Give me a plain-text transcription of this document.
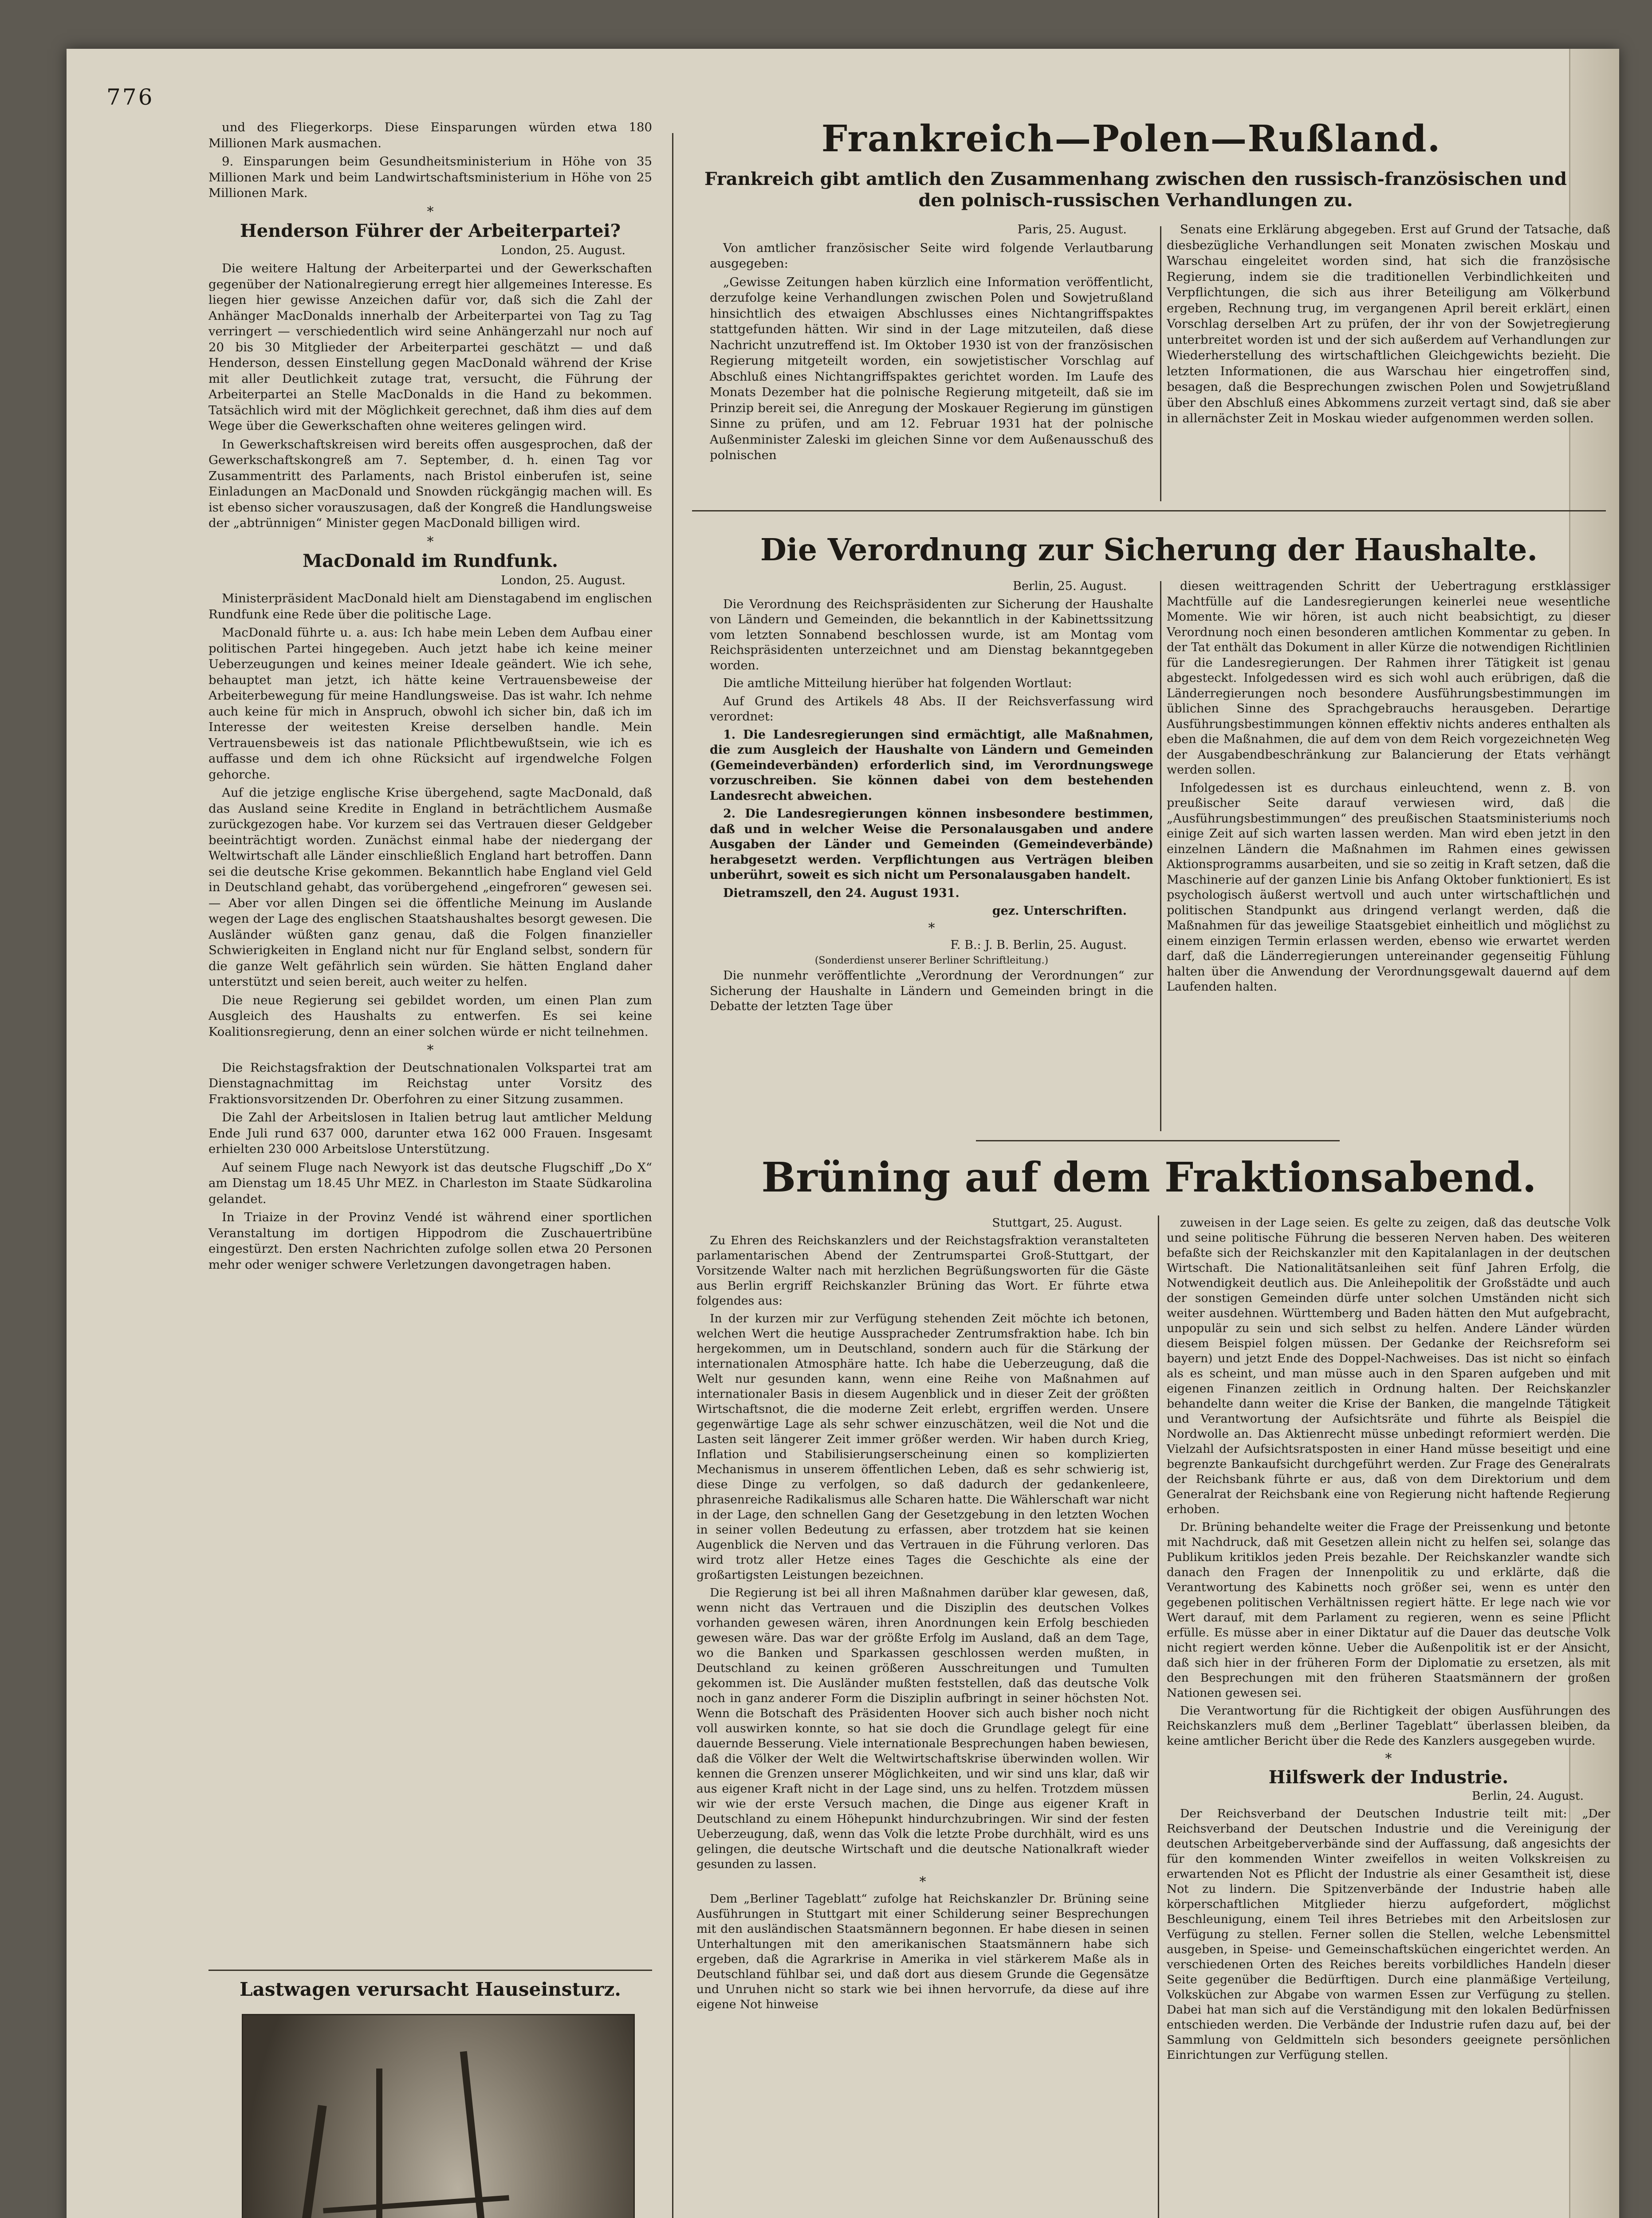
776

und des Fliegerkorps. Diese Einsparungen würden etwa 180 Millionen Mark ausmachen.

9. Einsparungen beim Gesundheitsministerium in Höhe von 35 Millionen Mark und beim Landwirtschaftsministerium in Höhe von 25 Millionen Mark.

*
Henderson Führer der Arbeiterpartei?
London, 25. August.

Die weitere Haltung der Arbeiterpartei und der Gewerkschaften gegenüber der Nationalregierung erregt hier allgemeines Interesse. Es liegen hier gewisse Anzeichen dafür vor, daß sich die Zahl der Anhänger MacDonalds innerhalb der Arbeiterpartei von Tag zu Tag verringert — verschiedentlich wird seine Anhängerzahl nur noch auf 20 bis 30 Mitglieder der Arbeiterpartei geschätzt — und daß Henderson, dessen Einstellung gegen MacDonald während der Krise mit aller Deutlichkeit zutage trat, versucht, die Führung der Arbeiterpartei an Stelle MacDonalds in die Hand zu bekommen. Tatsächlich wird mit der Möglichkeit gerechnet, daß ihm dies auf dem Wege über die Gewerkschaften ohne weiteres gelingen wird.

In Gewerkschaftskreisen wird bereits offen ausgesprochen, daß der Gewerkschaftskongreß am 7. September, d. h. einen Tag vor Zusammentritt des Parlaments, nach Bristol einberufen ist, seine Einladungen an MacDonald und Snowden rückgängig machen will. Es ist ebenso sicher vorauszusagen, daß der Kongreß die Handlungsweise der „abtrünnigen“ Minister gegen MacDonald billigen wird.

*
MacDonald im Rundfunk.
London, 25. August.

Ministerpräsident MacDonald hielt am Dienstagabend im englischen Rundfunk eine Rede über die politische Lage.

MacDonald führte u. a. aus: Ich habe mein Leben dem Aufbau einer politischen Partei hingegeben. Auch jetzt habe ich keine meiner Ueberzeugungen und keines meiner Ideale geändert. Wie ich sehe, behauptet man jetzt, ich hätte keine Vertrauensbeweise der Arbeiterbewegung für meine Handlungsweise. Das ist wahr. Ich nehme auch keine für mich in Anspruch, obwohl ich sicher bin, daß ich im Interesse der weitesten Kreise derselben handle. Mein Vertrauensbeweis ist das nationale Pflichtbewußtsein, wie ich es auffasse und dem ich ohne Rücksicht auf irgendwelche Folgen gehorche.

Auf die jetzige englische Krise übergehend, sagte MacDonald, daß das Ausland seine Kredite in England in beträchtlichem Ausmaße zurückgezogen habe. Vor kurzem sei das Vertrauen dieser Geldgeber beeinträchtigt worden. Zunächst einmal habe der niedergang der Weltwirtschaft alle Länder einschließlich England hart betroffen. Dann sei die deutsche Krise gekommen. Bekanntlich habe England viel Geld in Deutschland gehabt, das vorübergehend „eingefroren“ gewesen sei. — Aber vor allen Dingen sei die öffentliche Meinung im Auslande wegen der Lage des englischen Staatshaushaltes besorgt gewesen. Die Ausländer wüßten ganz genau, daß die Folgen finanzieller Schwierigkeiten in England nicht nur für England selbst, sondern für die ganze Welt gefährlich sein würden. Sie hätten England daher unterstützt und seien bereit, auch weiter zu helfen.

Die neue Regierung sei gebildet worden, um einen Plan zum Ausgleich des Haushalts zu entwerfen. Es sei keine Koalitionsregierung, denn an einer solchen würde er nicht teilnehmen.

*

Die Reichstagsfraktion der Deutschnationalen Volkspartei trat am Dienstagnachmittag im Reichstag unter Vorsitz des Fraktionsvorsitzenden Dr. Oberfohren zu einer Sitzung zusammen.

Die Zahl der Arbeitslosen in Italien betrug laut amtlicher Meldung Ende Juli rund 637 000, darunter etwa 162 000 Frauen. Insgesamt erhielten 230 000 Arbeitslose Unterstützung.

Auf seinem Fluge nach Newyork ist das deutsche Flugschiff „Do X“ am Dienstag um 18.45 Uhr MEZ. in Charleston im Staate Südkarolina gelandet.

In Triaize in der Provinz Vendé ist während einer sportlichen Veranstaltung im dortigen Hippodrom die Zuschauertribüne eingestürzt. Den ersten Nachrichten zufolge sollen etwa 20 Personen mehr oder weniger schwere Verletzungen davongetragen haben.

Lastwagen verursacht Hauseinsturz.
Frankreich—Polen—Rußland.
Frankreich gibt amtlich den Zusammenhang zwischen den russisch-französischen und den polnisch-russischen Verhandlungen zu.
Paris, 25. August.

Von amtlicher französischer Seite wird folgende Verlautbarung ausgegeben:

„Gewisse Zeitungen haben kürzlich eine Information veröffentlicht, derzufolge keine Verhandlungen zwischen Polen und Sowjetrußland hinsichtlich des etwaigen Abschlusses eines Nichtangriffspaktes stattgefunden hätten. Wir sind in der Lage mitzuteilen, daß diese Nachricht unzutreffend ist. Im Oktober 1930 ist von der französischen Regierung mitgeteilt worden, ein sowjetistischer Vorschlag auf Abschluß eines Nichtangriffspaktes gerichtet worden. Im Laufe des Monats Dezember hat die polnische Regierung mitgeteilt, daß sie im Prinzip bereit sei, die Anregung der Moskauer Regierung im günstigen Sinne zu prüfen, und am 12. Februar 1931 hat der polnische Außenminister Zaleski im gleichen Sinne vor dem Außenausschuß des polnischen

Senats eine Erklärung abgegeben. Erst auf Grund der Tatsache, daß diesbezügliche Verhandlungen seit Monaten zwischen Moskau und Warschau eingeleitet worden sind, hat sich die französische Regierung, indem sie die traditionellen Verbindlichkeiten und Verpflichtungen, die sich aus ihrer Beteiligung am Völkerbund ergeben, Rechnung trug, im vergangenen April bereit erklärt, einen Vorschlag derselben Art zu prüfen, der ihr von der Sowjetregierung unterbreitet worden ist und der sich außerdem auf Verhandlungen zur Wiederherstellung des wirtschaftlichen Gleichgewichts bezieht. Die letzten Informationen, die aus Warschau hier eingetroffen sind, besagen, daß die Besprechungen zwischen Polen und Sowjetrußland über den Abschluß eines Abkommens zurzeit vertagt sind, daß sie aber in allernächster Zeit in Moskau wieder aufgenommen werden sollen.

Die Verordnung zur Sicherung der Haushalte.
Berlin, 25. August.

Die Verordnung des Reichspräsidenten zur Sicherung der Haushalte von Ländern und Gemeinden, die bekanntlich in der Kabinettssitzung vom letzten Sonnabend beschlossen wurde, ist am Montag vom Reichspräsidenten unterzeichnet und am Dienstag bekanntgegeben worden.

Die amtliche Mitteilung hierüber hat folgenden Wortlaut:

Auf Grund des Artikels 48 Abs. II der Reichsverfassung wird verordnet:

1. Die Landesregierungen sind ermächtigt, alle Maßnahmen, die zum Ausgleich der Haushalte von Ländern und Gemeinden (Gemeindeverbänden) erforderlich sind, im Verordnungswege vorzuschreiben. Sie können dabei von dem bestehenden Landesrecht abweichen.

2. Die Landesregierungen können insbesondere bestimmen, daß und in welcher Weise die Personalausgaben und andere Ausgaben der Länder und Gemeinden (Gemeindeverbände) herabgesetzt werden. Verpflichtungen aus Verträgen bleiben unberührt, soweit es sich nicht um Personalausgaben handelt.

Dietramszell, den 24. August 1931.

gez. Unterschriften.
*
F. B.: J. B. Berlin, 25. August.
(Sonderdienst unserer Berliner Schriftleitung.)

Die nunmehr veröffentlichte „Verordnung der Verordnungen“ zur Sicherung der Haushalte in Ländern und Gemeinden bringt in die Debatte der letzten Tage über

diesen weittragenden Schritt der Uebertragung erstklassiger Machtfülle auf die Landesregierungen keinerlei neue wesentliche Momente. Wie wir hören, ist auch nicht beabsichtigt, zu dieser Verordnung noch einen besonderen amtlichen Kommentar zu geben. In der Tat enthält das Dokument in aller Kürze die notwendigen Richtlinien für die Landesregierungen. Der Rahmen ihrer Tätigkeit ist genau abgesteckt. Infolgedessen wird es sich wohl auch erübrigen, daß die Länderregierungen noch besondere Ausführungsbestimmungen im üblichen Sinne des Sprachgebrauchs herausgeben. Derartige Ausführungsbestimmungen können effektiv nichts anderes enthalten als eben die Maßnahmen, die auf dem von dem Reich vorgezeichneten Weg der Ausgabendbeschränkung zur Balancierung der Etats verhängt werden sollen.

Infolgedessen ist es durchaus einleuchtend, wenn z. B. von preußischer Seite darauf verwiesen wird, daß die „Ausführungsbestimmungen“ des preußischen Staatsministeriums noch einige Zeit auf sich warten lassen werden. Man wird eben jetzt in den einzelnen Ländern die Maßnahmen im Rahmen eines gewissen Aktionsprogramms ausarbeiten, und sie so zeitig in Kraft setzen, daß die Maschinerie auf der ganzen Linie bis Anfang Oktober funktioniert. Es ist psychologisch äußerst wertvoll und auch unter wirtschaftlichen und politischen Standpunkt aus dringend verlangt werden, daß die Maßnahmen für das jeweilige Staatsgebiet einheitlich und möglichst zu einem einzigen Termin erlassen werden, ebenso wie erwartet werden darf, daß die Länderregierungen untereinander gegenseitig Fühlung halten über die Anwendung der Verordnungsgewalt dauernd auf dem Laufenden halten.

Brüning auf dem Fraktionsabend.
Stuttgart, 25. August.

Zu Ehren des Reichskanzlers und der Reichstagsfraktion veranstalteten parlamentarischen Abend der Zentrumspartei Groß-Stuttgart, der Vorsitzende Walter nach mit herzlichen Begrüßungsworten für die Gäste aus Berlin ergriff Reichskanzler Brüning das Wort. Er führte etwa folgendes aus:

In der kurzen mir zur Verfügung stehenden Zeit möchte ich betonen, welchen Wert die heutige Ausspracheder Zentrumsfraktion habe. Ich bin hergekommen, um in Deutschland, sondern auch für die Stärkung der internationalen Atmosphäre hatte. Ich habe die Ueberzeugung, daß die Welt nur gesunden kann, wenn eine Reihe von Maßnahmen auf internationaler Basis in diesem Augenblick und in dieser Zeit der größten Wirtschaftsnot, die die moderne Zeit erlebt, ergriffen werden. Unsere gegenwärtige Lage als sehr schwer einzuschätzen, weil die Not und die Lasten seit längerer Zeit immer größer werden. Wir haben durch Krieg, Inflation und Stabilisierungserscheinung einen so komplizierten Mechanismus in unserem öffentlichen Leben, daß es sehr schwierig ist, diese Dinge zu verfolgen, so daß dadurch der gedankenleere, phrasenreiche Radikalismus alle Scharen hatte. Die Wählerschaft war nicht in der Lage, den schnellen Gang der Gesetzgebung in den letzten Wochen in seiner vollen Bedeutung zu erfassen, aber trotzdem hat sie keinen Augenblick die Nerven und das Vertrauen in die Führung verloren. Das wird trotz aller Hetze eines Tages die Geschichte als eine der großartigsten Leistungen bezeichnen.

Die Regierung ist bei all ihren Maßnahmen darüber klar gewesen, daß, wenn nicht das Vertrauen und die Disziplin des deutschen Volkes vorhanden gewesen wären, ihren Anordnungen kein Erfolg beschieden gewesen wäre. Das war der größte Erfolg im Ausland, daß an dem Tage, wo die Banken und Sparkassen geschlossen werden mußten, in Deutschland zu keinen größeren Ausschreitungen und Tumulten gekommen ist. Die Ausländer mußten feststellen, daß das deutsche Volk noch in ganz anderer Form die Disziplin aufbringt in seiner höchsten Not. Wenn die Botschaft des Präsidenten Hoover sich auch bisher noch nicht voll auswirken konnte, so hat sie doch die Grundlage gelegt für eine dauernde Besserung. Viele internationale Besprechungen haben bewiesen, daß die Völker der Welt die Weltwirtschaftskrise überwinden wollen. Wir kennen die Grenzen unserer Möglichkeiten, und wir sind uns klar, daß wir aus eigener Kraft nicht in der Lage sind, uns zu helfen. Trotzdem müssen wir wie der erste Versuch machen, die Dinge aus eigener Kraft in Deutschland zu einem Höhepunkt hindurchzubringen. Wir sind der festen Ueberzeugung, daß, wenn das Volk die letzte Probe durchhält, wird es uns gelingen, die deutsche Wirtschaft und die deutsche Nationalkraft wieder gesunden zu lassen.

*

Dem „Berliner Tageblatt“ zufolge hat Reichskanzler Dr. Brüning seine Ausführungen in Stuttgart mit einer Schilderung seiner Besprechungen mit den ausländischen Staatsmännern begonnen. Er habe diesen in seinen Unterhaltungen mit den amerikanischen Staatsmännern habe sich ergeben, daß die Agrarkrise in Amerika in viel stärkerem Maße als in Deutschland fühlbar sei, und daß dort aus diesem Grunde die Gegensätze und Unruhen nicht so stark wie bei ihnen hervorrufe, da diese auf ihre eigene Not hinweise

zuweisen in der Lage seien. Es gelte zu zeigen, daß das deutsche Volk und seine politische Führung die besseren Nerven haben. Des weiteren befaßte sich der Reichskanzler mit den Kapitalanlagen in der deutschen Wirtschaft. Die Nationalitätsanleihen seit fünf Jahren Erfolg, die Notwendigkeit deutlich aus. Die Anleihepolitik der Großstädte und auch der sonstigen Gemeinden dürfe unter solchen Umständen nicht sich weiter ausdehnen. Württemberg und Baden hätten den Mut aufgebracht, unpopulär zu sein und sich selbst zu helfen. Andere Länder würden diesem Beispiel folgen müssen. Der Gedanke der Reichsreform sei bayern) und jetzt Ende des Doppel-Nachweises. Das ist nicht so einfach als es scheint, und man müsse auch in den Sparen aufgeben und mit eigenen Finanzen zeitlich in Ordnung halten. Der Reichskanzler behandelte dann weiter die Krise der Banken, die mangelnde Tätigkeit und Verantwortung der Aufsichtsräte und führte als Beispiel die Nordwolle an. Das Aktienrecht müsse unbedingt reformiert werden. Die Vielzahl der Aufsichtsratsposten in einer Hand müsse beseitigt und eine begrenzte Bankaufsicht durchgeführt werden. Zur Frage des Generalrats der Reichsbank führte er aus, daß von dem Direktorium und dem Generalrat der Reichsbank eine von Regierung nicht haftende Regierung erhoben.

Dr. Brüning behandelte weiter die Frage der Preissenkung und betonte mit Nachdruck, daß mit Gesetzen allein nicht zu helfen sei, solange das Publikum kritiklos jeden Preis bezahle. Der Reichskanzler wandte sich danach den Fragen der Innenpolitik zu und erklärte, daß die Verantwortung des Kabinetts noch größer sei, wenn es unter den gegebenen politischen Verhältnissen regiert hätte. Er lege nach wie vor Wert darauf, mit dem Parlament zu regieren, wenn es seine Pflicht erfülle. Es müsse aber in einer Diktatur auf die Dauer das deutsche Volk nicht regiert werden könne. Ueber die Außenpolitik ist er der Ansicht, daß sich hier in der früheren Form der Diplomatie zu ersetzen, als mit den Besprechungen mit den früheren Staatsmännern der großen Nationen gewesen sei.

Die Verantwortung für die Richtigkeit der obigen Ausführungen des Reichskanzlers muß dem „Berliner Tageblatt“ überlassen bleiben, da keine amtlicher Bericht über die Rede des Kanzlers ausgegeben wurde.

*
Hilfswerk der Industrie.
Berlin, 24. August.

Der Reichsverband der Deutschen Industrie teilt mit: „Der Reichsverband der Deutschen Industrie und die Vereinigung der deutschen Arbeitgeberverbände sind der Auffassung, daß angesichts der für den kommenden Winter zweifellos in weiten Volkskreisen zu erwartenden Not es Pflicht der Industrie als einer Gesamtheit ist, diese Not zu lindern. Die Spitzenverbände der Industrie haben alle körperschaftlichen Mitglieder hierzu aufgefordert, möglichst Beschleunigung, einem Teil ihres Betriebes mit den Arbeitslosen zur Verfügung zu stellen. Ferner sollen die Stellen, welche Lebensmittel ausgeben, in Speise- und Gemeinschaftsküchen eingerichtet werden. An verschiedenen Orten des Reiches bereits vorbildliches Handeln dieser Seite gegenüber die Bedürftigen. Durch eine planmäßige Verteilung, Volksküchen zur Abgabe von warmen Essen zur Verfügung zu stellen. Dabei hat man sich auf die Verständigung mit den lokalen Bedürfnissen entschieden werden. Die Verbände der Industrie rufen dazu auf, bei der Sammlung von Geldmitteln sich besonders geeignete persönlichen Einrichtungen zur Verfügung stellen.
